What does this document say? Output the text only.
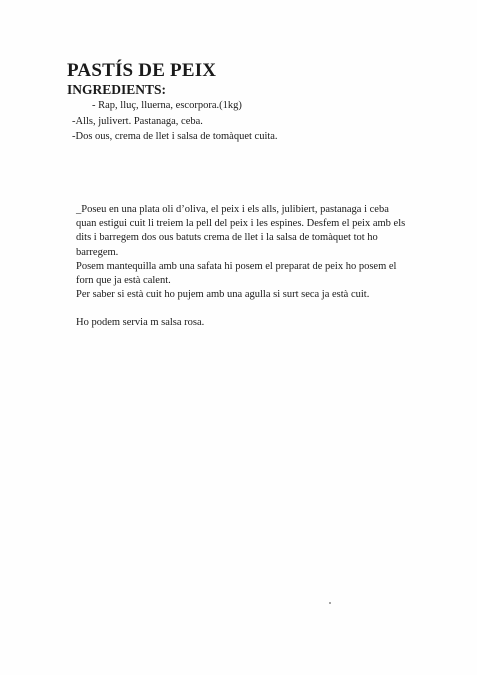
PASTÍS DE PEIX
INGREDIENTS:
- Rap, lluç, lluerna, escorpora.(1kg)
-Alls, julivert. Pastanaga, ceba.
-Dos ous, crema de llet i salsa de tomàquet cuita.

_Poseu en una plata oli d’oliva, el peix i els alls, julibiert, pastanaga i ceba quan estigui cuit li treiem la pell del peix i les espines. Desfem el peix amb els dits i barregem dos ous batuts crema de llet i la salsa de tomàquet tot ho barregem.

Posem mantequilla amb una safata hi posem el preparat de peix ho posem el forn que ja està calent.

Per saber si està cuit ho pujem amb una agulla si surt seca ja està cuit.

Ho podem servia m salsa rosa.
